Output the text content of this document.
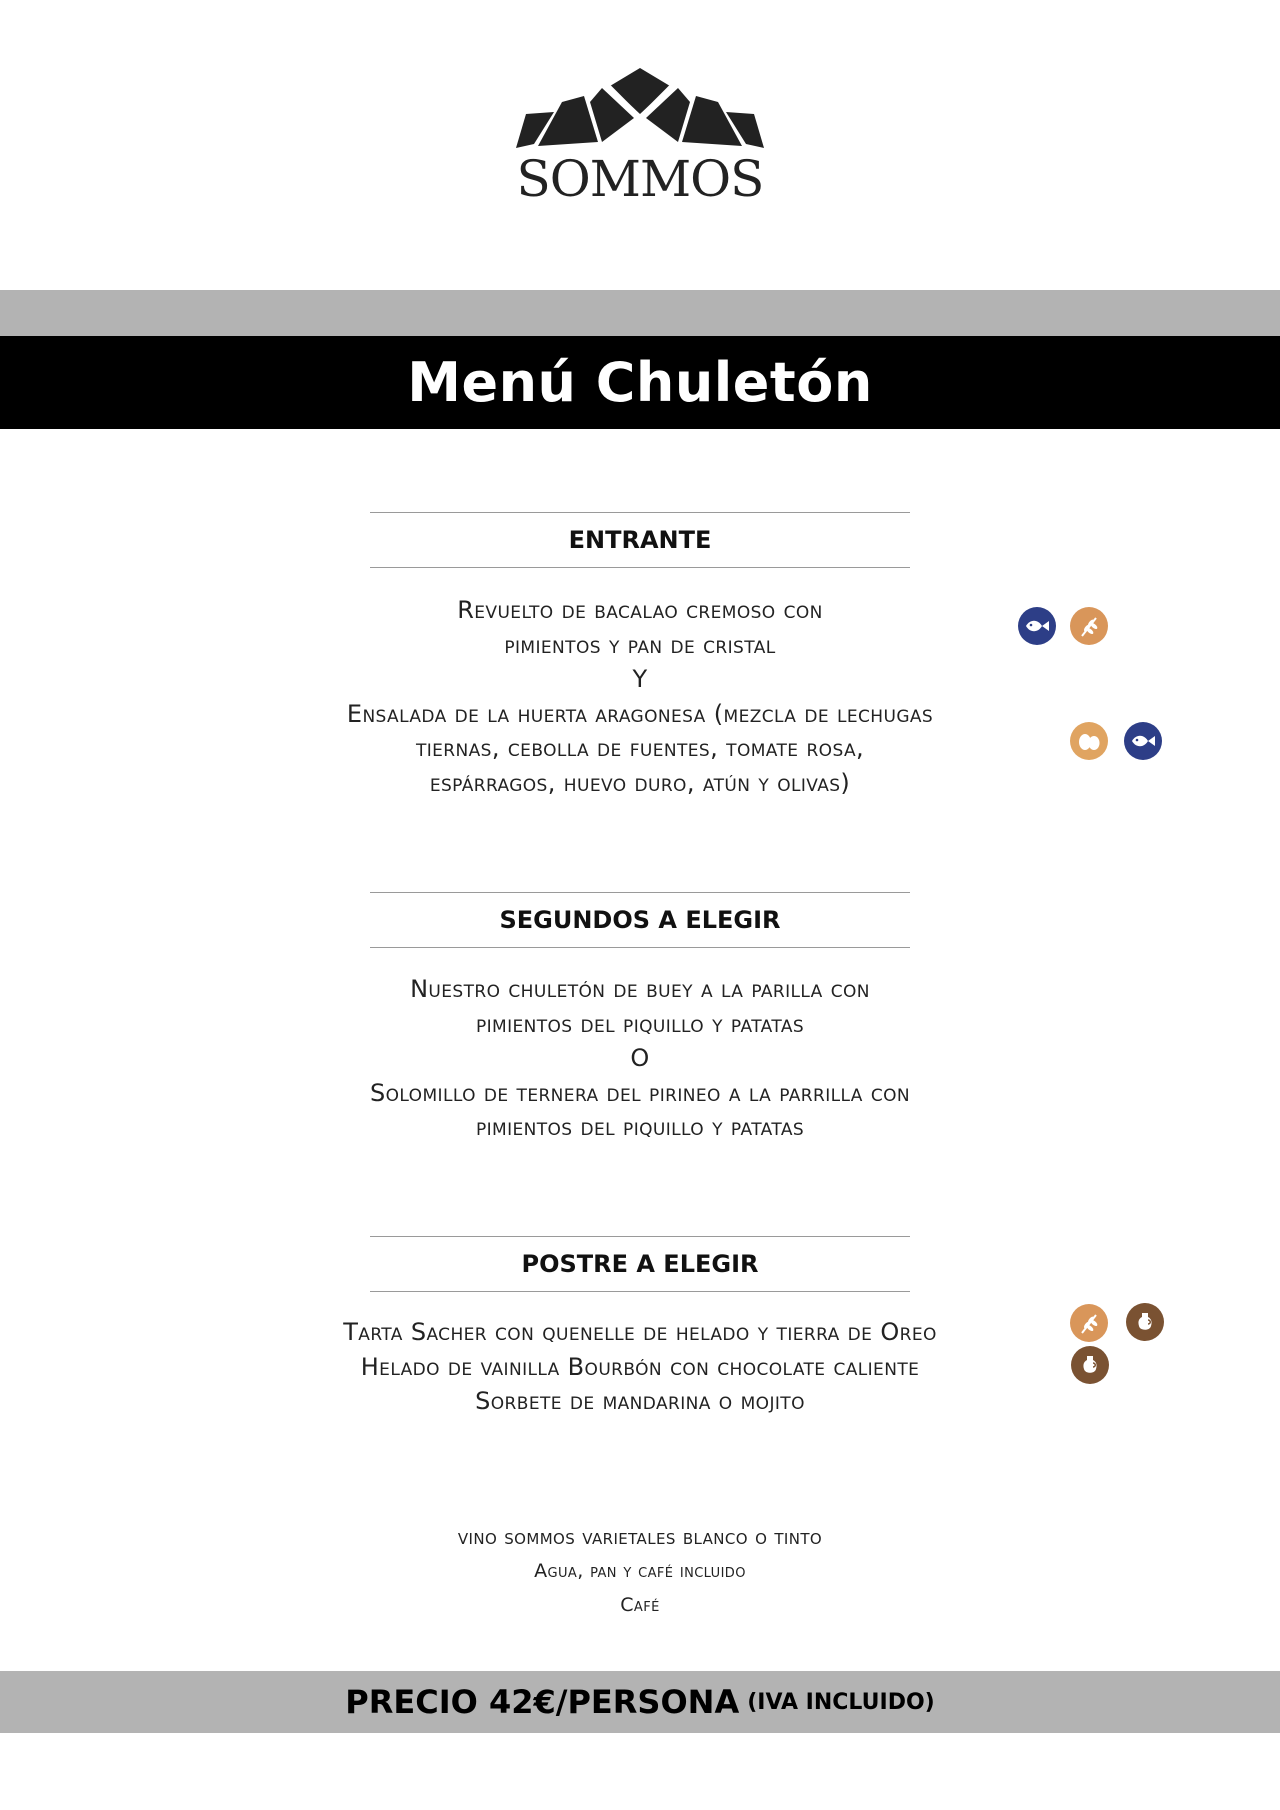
SOMMOS
Menú Chuletón
ENTRANTE
Revuelto de bacalao cremoso con
pimientos y pan de cristal
Y
Ensalada de la huerta aragonesa (mezcla de lechugas
tiernas, cebolla de fuentes, tomate rosa,
espárragos, huevo duro, atún y olivas)
SEGUNDOS A ELEGIR
Nuestro chuletón de buey a la parilla con
pimientos del piquillo y patatas
O
Solomillo de ternera del pirineo a la parrilla con
pimientos del piquillo y patatas
POSTRE A ELEGIR
Tarta Sacher con quenelle de helado y tierra de Oreo
Helado de vainilla Bourbón con chocolate caliente
Sorbete de mandarina o mojito
vino sommos varietales blanco o tinto
Agua, pan y café incluido
Café
PRECIO 42€/PERSONA (IVA INCLUIDO)
